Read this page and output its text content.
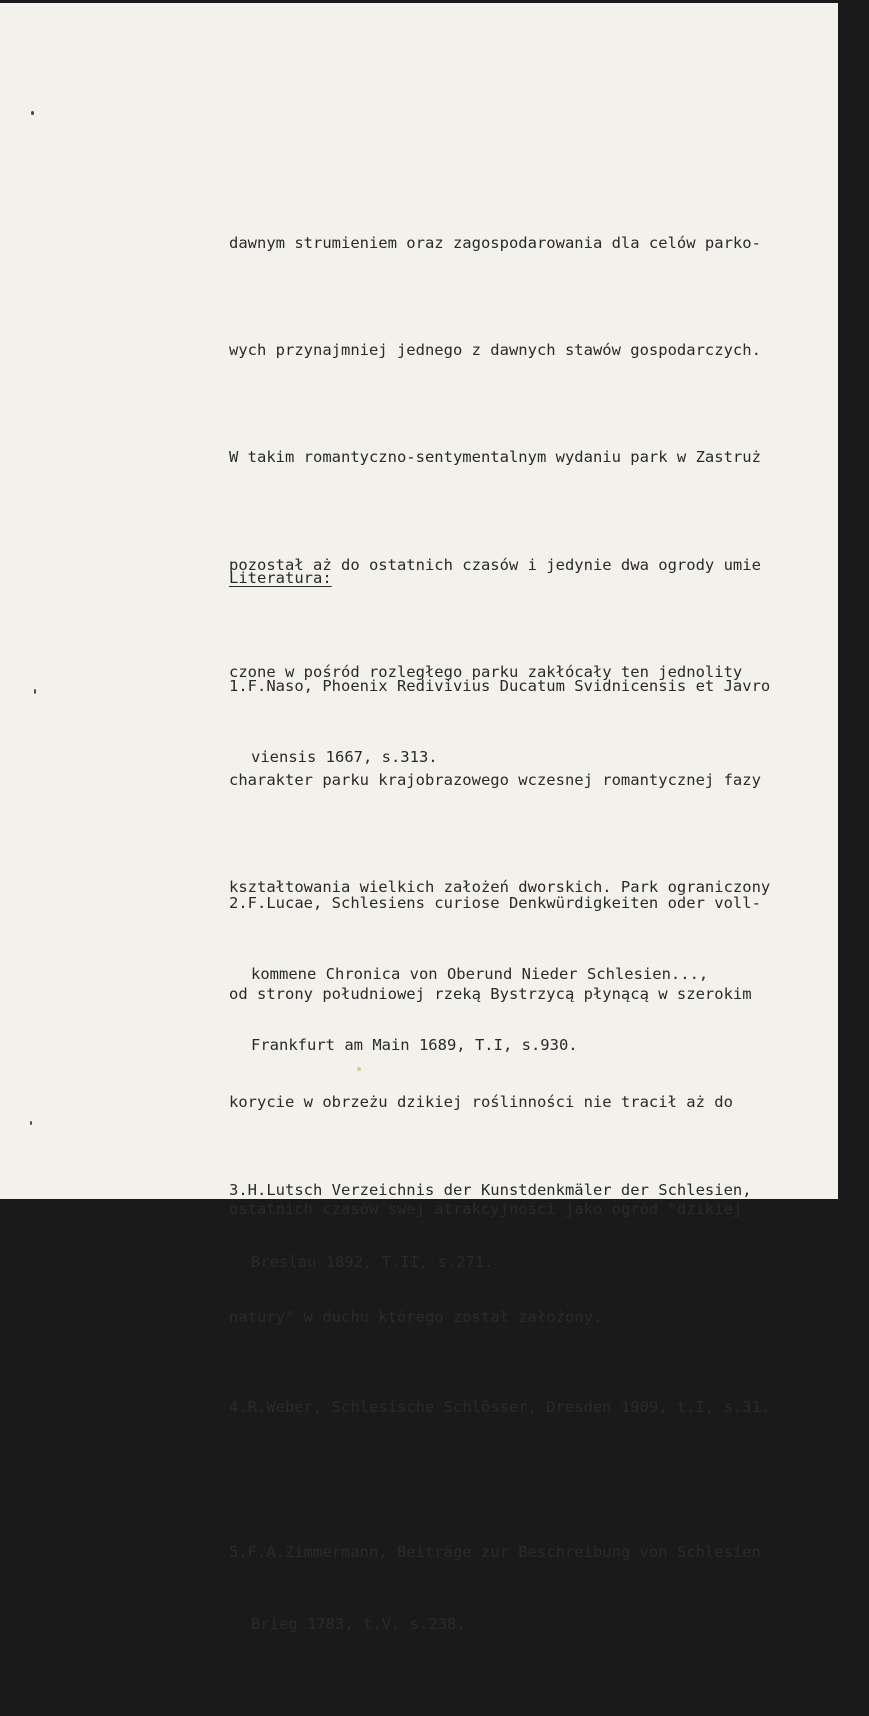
dawnym strumieniem oraz zagospodarowania dla celów parko-

wych przynajmniej jednego z dawnych stawów gospodarczych.

W takim romantyczno-sentymentalnym wydaniu park w Zastruż

pozostał aż do ostatnich czasów i jedynie dwa ogrody umie

czone w pośród rozległego parku zakłócały ten jednolity

charakter parku krajobrazowego wczesnej romantycznej fazy

kształtowania wielkich założeń dworskich. Park ograniczony

od strony południowej rzeką Bystrzycą płynącą w szerokim

korycie w obrzeżu dzikiej roślinności nie tracił aż do

ostatnich czasów swej atrakcyjności jako ogród "dzikiej

natury" w duchu którego został założony.

Literatura:

1.F.Naso, Phoenix Redivivius Ducatum Svidnicensis et Javro

viensis 1667, s.313.

2.F.Lucae, Schlesiens curiose Denkwürdigkeiten oder voll-

kommene Chronica von Oberund Nieder Schlesien...,

Frankfurt am Main 1689, T.I, s.930.

3.H.Lutsch Verzeichnis der Kunstdenkmäler der Schlesien,

Breslau 1892, T.II, s.271.

4.R.Weber, Schlesische Schlösser, Dresden 1909, t.I, s.31.

5.F.A.Zimmermann, Beiträge zur Beschreibung von Schlesien

Brieg 1783, t.V, s.238.
